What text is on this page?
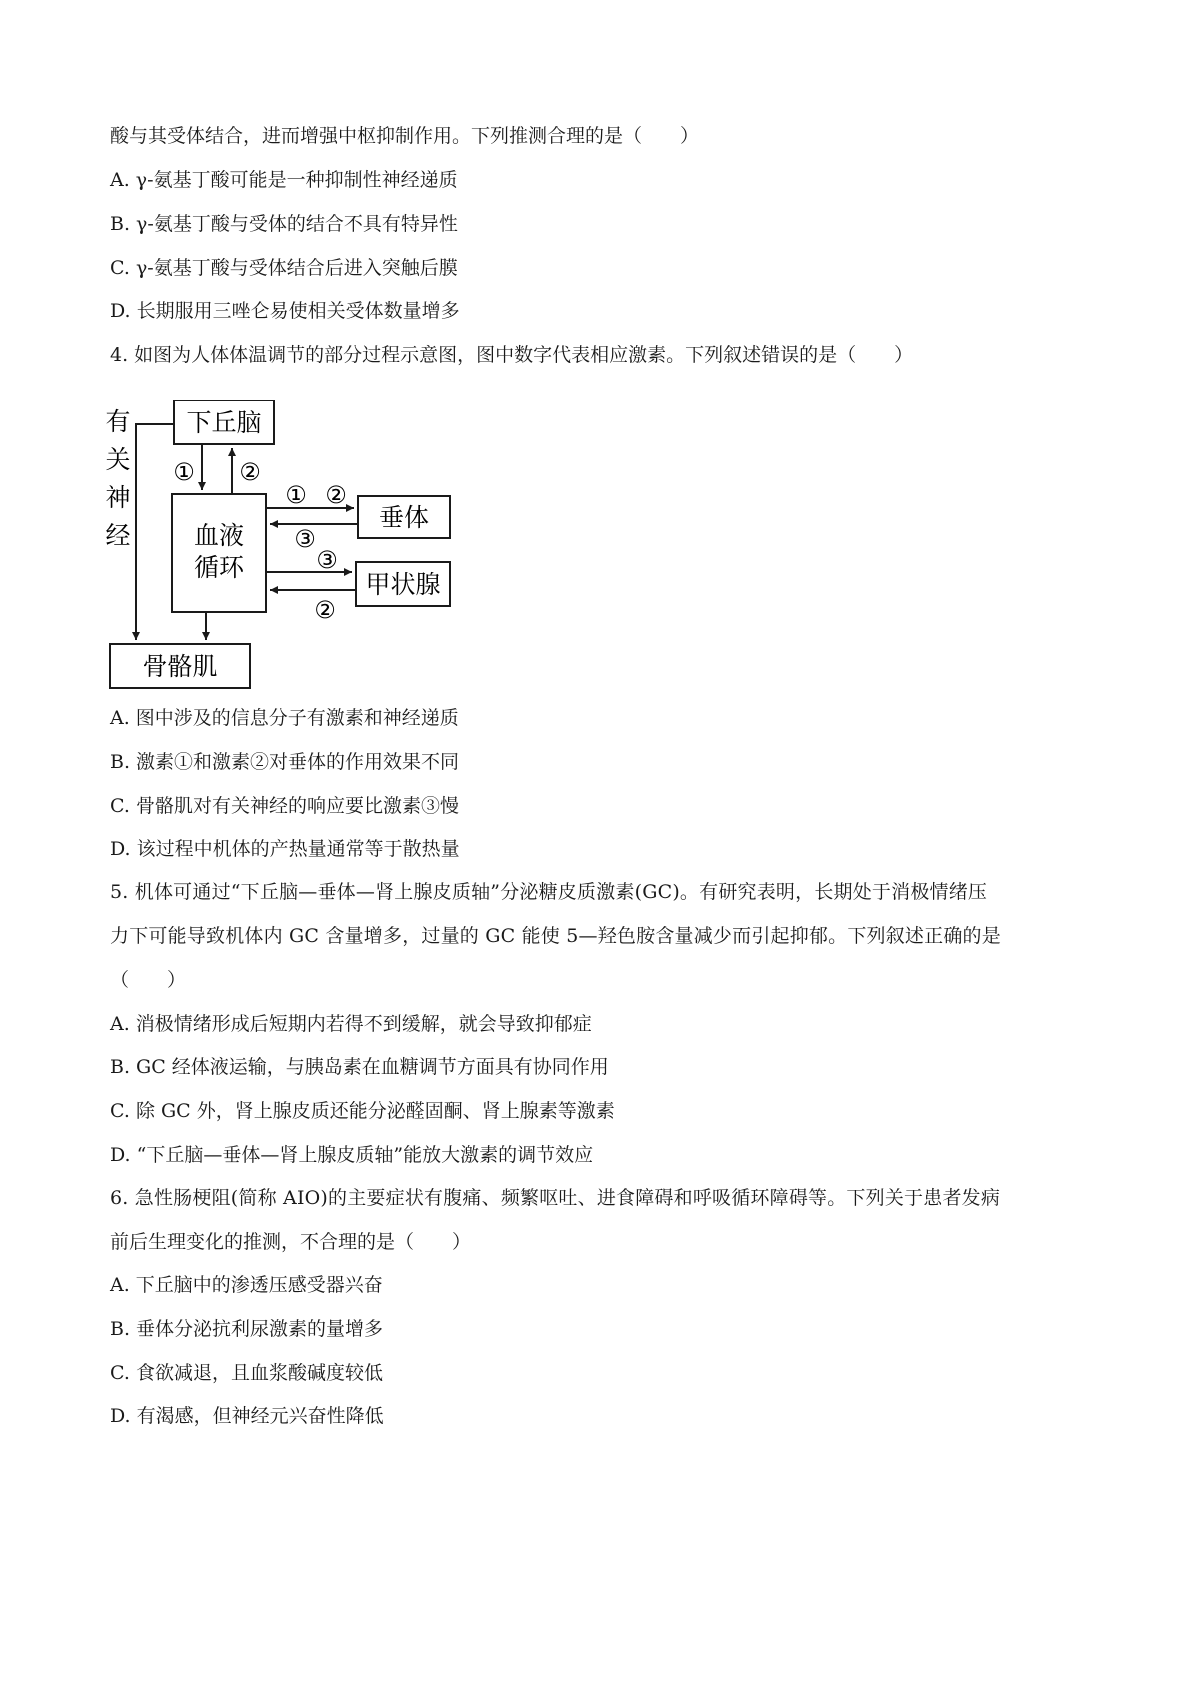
酸与其受体结合，进而增强中枢抑制作用。下列推测合理的是（　　）
A. γ-氨基丁酸可能是一种抑制性神经递质
B. γ-氨基丁酸与受体的结合不具有特异性
C. γ-氨基丁酸与受体结合后进入突触后膜
D. 长期服用三唑仑易使相关受体数量增多
4. 如图为人体体温调节的部分过程示意图，图中数字代表相应激素。下列叙述错误的是（　　）
A. 图中涉及的信息分子有激素和神经递质
B. 激素①和激素②对垂体的作用效果不同
C. 骨骼肌对有关神经的响应要比激素③慢
D. 该过程中机体的产热量通常等于散热量
5. 机体可通过“下丘脑—垂体—肾上腺皮质轴”分泌糖皮质激素(GC)。有研究表明，长期处于消极情绪压
力下可能导致机体内 GC 含量增多，过量的 GC 能使 5—羟色胺含量减少而引起抑郁。下列叙述正确的是
（　　）
A. 消极情绪形成后短期内若得不到缓解，就会导致抑郁症
B. GC 经体液运输，与胰岛素在血糖调节方面具有协同作用
C. 除 GC 外，肾上腺皮质还能分泌醛固酮、肾上腺素等激素
D. “下丘脑—垂体—肾上腺皮质轴”能放大激素的调节效应
6. 急性肠梗阻(简称 AIO)的主要症状有腹痛、频繁呕吐、进食障碍和呼吸循环障碍等。下列关于患者发病
前后生理变化的推测，不合理的是（　　）
A. 下丘脑中的渗透压感受器兴奋
B. 垂体分泌抗利尿激素的量增多
C. 食欲减退，且血浆酸碱度较低
D. 有渴感，但神经元兴奋性降低
下丘脑
血液
循环
垂体
甲状腺
骨骼肌
有
关
神
经
① ②
① ②
③
③
②
